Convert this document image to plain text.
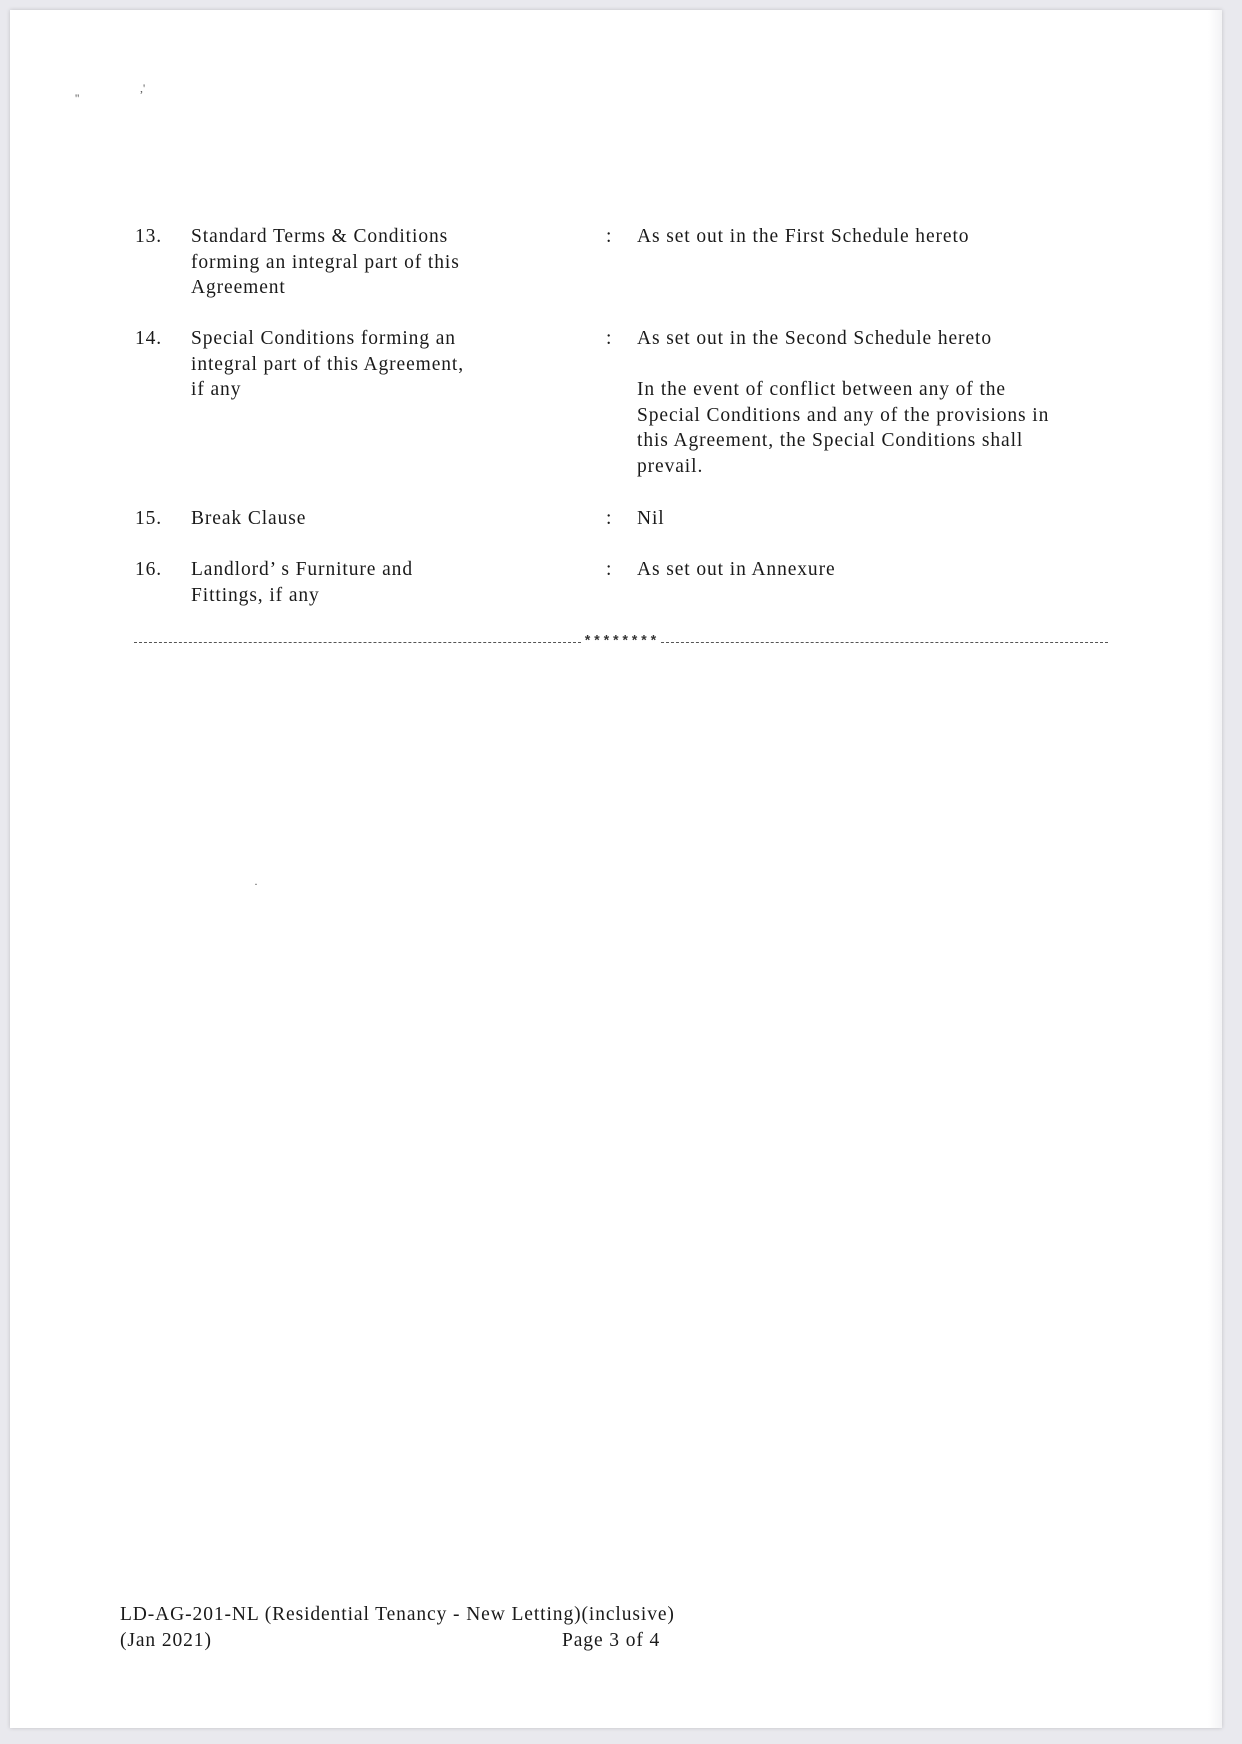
''
,'
13. Standard Terms & Conditions
forming an integral part of this
Agreement
: As set out in the First Schedule hereto
14. Special Conditions forming an
integral part of this Agreement,
if any
: As set out in the Second Schedule hereto
In the event of conflict between any of the
Special Conditions and any of the provisions in
this Agreement, the Special Conditions shall
prevail.
15. Break Clause	: Nil
16. Landlord’ s Furniture and
Fittings, if any
: As set out in Annexure
********
·
LD-AG-201-NL (Residential Tenancy - New Letting)(inclusive)
(Jan 2021)	Page 3 of 4
